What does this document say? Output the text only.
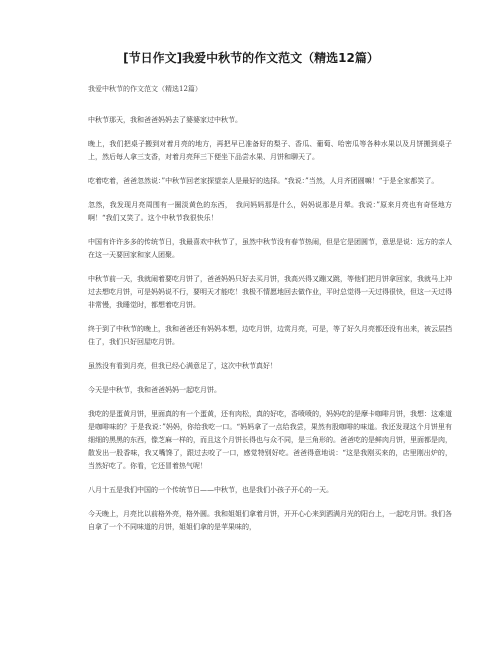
[节日作文]我爱中秋节的作文范文（精选12篇）
我爱中秋节的作文范文（精选12篇）

中秋节那天，我和爸爸妈妈去了婆婆家过中秋节。

晚上，我们把桌子搬到对着月亮的地方，再把早已准备好的梨子、香瓜、葡萄、哈密瓜等各种水果以及月饼搬到桌子上，然后每人拿三支香，对着月亮拜三下便坐下品尝水果、月饼和聊天了。

吃着吃着，爸爸忽然说：”中秋节回老家探望亲人是最好的选择。“我说：”当然，人月齐团圆嘛！“于是全家都笑了。

忽然，我发现月亮周围有一圈淡黄色的东西，　我问妈妈那是什么，妈妈说那是月晕。我说：”原来月亮也有奇怪地方啊！“我们又笑了。这个中秋节我很快乐！

中国有许许多多的传统节日，我最喜欢中秋节了，虽然中秋节没有春节热闹，但是它是团圆节，意思是说：远方的亲人在这一天要回家和家人团聚。

中秋节前一天，我就闹着要吃月饼了，爸爸妈妈只好去买月饼，我高兴得又蹦又跳，等他们把月饼拿回家，我就马上冲过去想吃月饼，可是妈妈说不行，要明天才能吃！我极不情愿地回去做作业，平时总觉得一天过得很快，但这一天过得非常慢，我睡觉时，都想着吃月饼。

终于到了中秋节的晚上，我和爸爸还有妈妈本想，边吃月饼，边赏月亮，可是，等了好久月亮都还没有出来，被云层挡住了，我们只好回屋吃月饼。

虽然没有看到月亮，但我已经心满意足了，这次中秋节真好！

今天是中秋节，我和爸爸妈妈一起吃月饼。

我吃的是蛋黄月饼，里面真的有一个蛋黄，还有肉松，真的好吃，香喷喷的，妈妈吃的是摩卡咖啡月饼，我想：这难道是咖啡味的？于是我说：”妈妈，你给我吃一口。“妈妈拿了一点给我尝，果然有股咖啡的味道。我还发现这个月饼里有细细的黑黑的东西，像芝麻一样的，而且这个月饼长得也与众不同，是三角形的。爸爸吃的是鲜肉月饼，里面都是肉，散发出一股香味，我又嘴馋了，跟过去咬了一口，感觉特别好吃。爸爸得意地说：“这是我刚买来的，店里刚出炉的，当然好吃了。你看，它还冒着热气呢！

八月十五是我们中国的一个传统节日——中秋节，也是我们小孩子开心的一天。

今天晚上，月亮比以前格外亮，格外圆。我和姐姐们拿着月饼，开开心心来到洒满月光的阳台上，一起吃月饼。我们各自拿了一个不同味道的月饼，姐姐们拿的是苹果味的，
